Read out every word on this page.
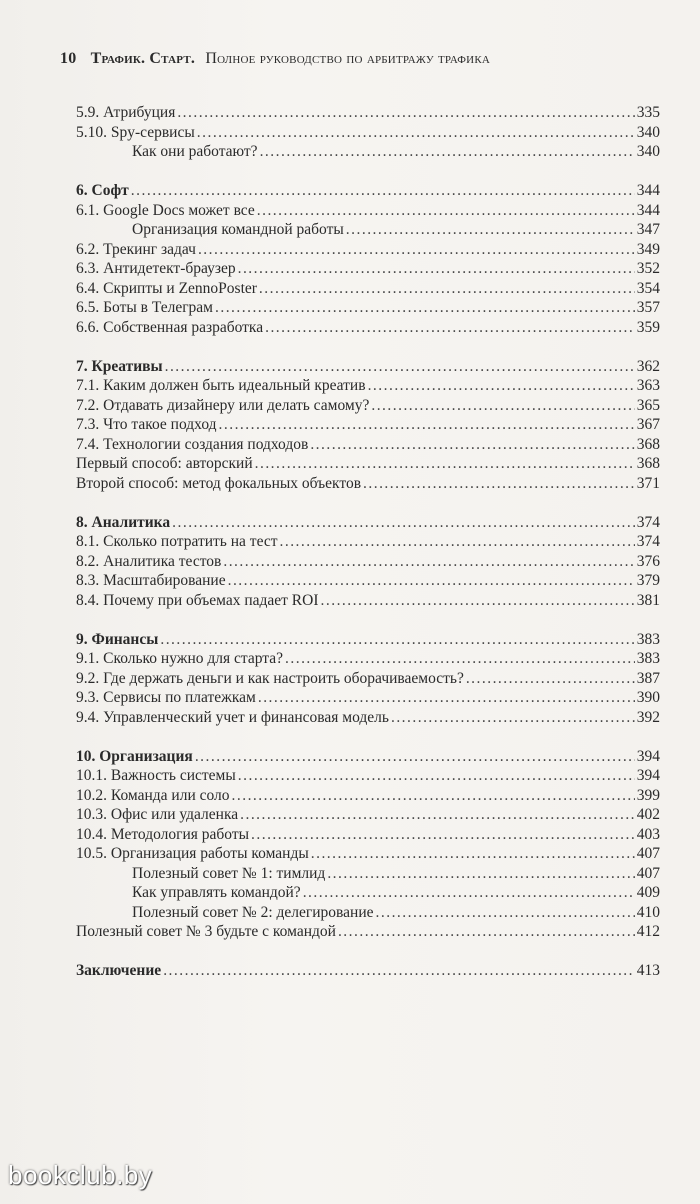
10 Трафик. Старт. Полное руководство по арбитражу трафика
5.9. Атрибуция . . .	335
5.10. Spy-сервисы . . .	340
Как они работают? . . .	340
6. Софт . . .	344
6.1. Google Docs может все . . .	344
Организация командной работы . . .	347
6.2. Трекинг задач . . .	349
6.3. Антидетект-браузер . . .	352
6.4. Скрипты и ZennoPoster . . .	354
6.5. Боты в Телеграм . . .	357
6.6. Собственная разработка . . .	359
7. Креативы . . .	362
7.1. Каким должен быть идеальный креатив . . .	363
7.2. Отдавать дизайнеру или делать самому? . . .	365
7.3. Что такое подход . . .	367
7.4. Технологии создания подходов . . .	368
Первый способ: авторский . . .	368
Второй способ: метод фокальных объектов . . .	371
8. Аналитика . . .	374
8.1. Сколько потратить на тест . . .	374
8.2. Аналитика тестов . . .	376
8.3. Масштабирование . . .	379
8.4. Почему при объемах падает ROI . . .	381
9. Финансы . . .	383
9.1. Сколько нужно для старта? . . .	383
9.2. Где держать деньги и как настроить оборачиваемость? . . .	387
9.3. Сервисы по платежкам . . .	390
9.4. Управленческий учет и финансовая модель . . .	392
10. Организация . . .	394
10.1. Важность системы . . .	394
10.2. Команда или соло . . .	399
10.3. Офис или удаленка . . .	402
10.4. Методология работы . . .	403
10.5. Организация работы команды . . .	407
Полезный совет № 1: тимлид . . .	407
Как управлять командой? . . .	409
Полезный совет № 2: делегирование . . .	410
Полезный совет № 3 будьте с командой . . .	412
Заключение . . .	413
bookclub.by
